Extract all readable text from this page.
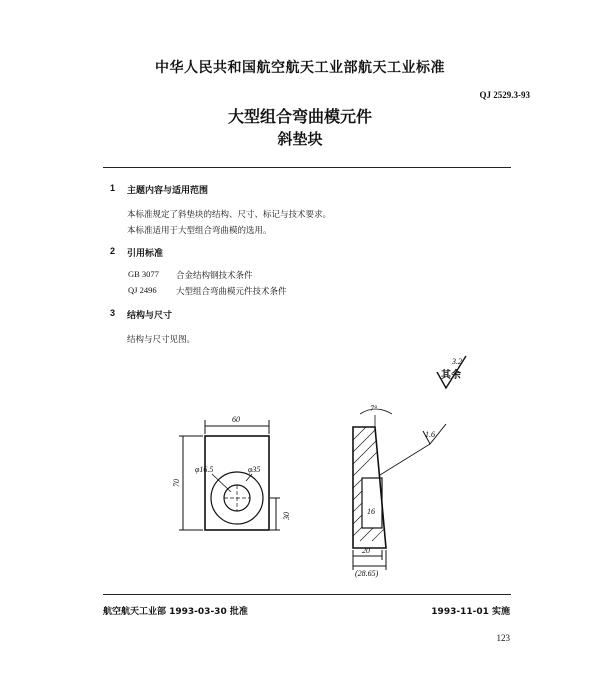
中华人民共和国航空航天工业部航天工业标准
QJ 2529.3-93
大型组合弯曲模元件
斜垫块
1 主题内容与适用范围
本标准规定了斜垫块的结构、尺寸、标记与技术要求。
本标准适用于大型组合弯曲模的选用。
2 引用标准
GB 3077 合金结构钢技术条件
QJ 2496 大型组合弯曲模元件技术条件
3 结构与尺寸
结构与尺寸见图。
其余
3.2
60
70
φ16.5	φ35
30
7°
1.6
16
20
(28.65)
航空航天工业部 1993-03-30 批准	1993-11-01 实施
123
